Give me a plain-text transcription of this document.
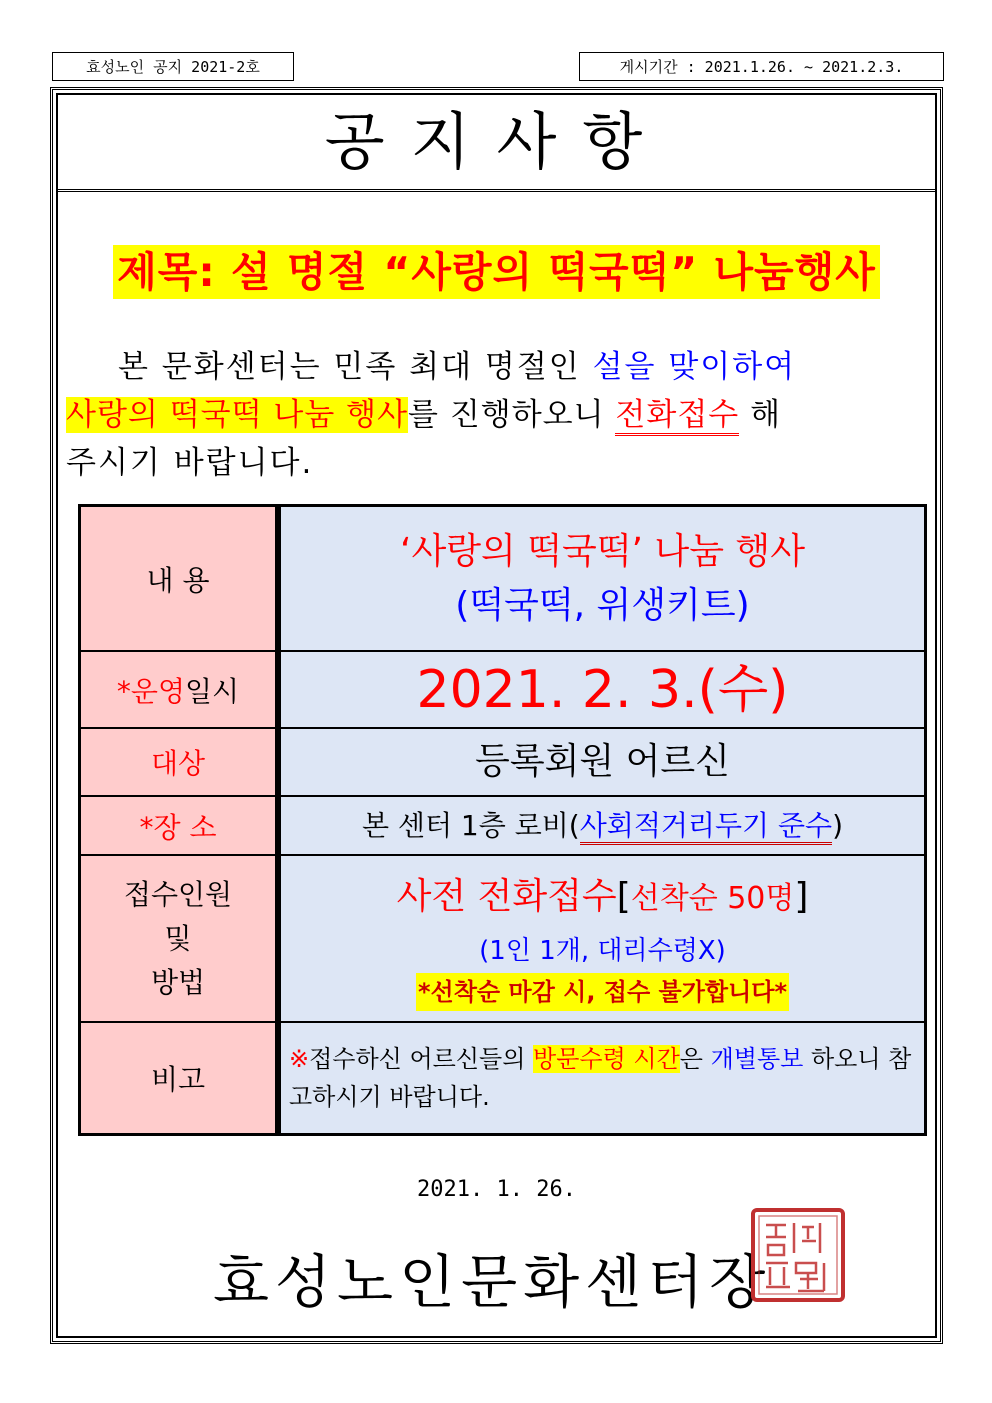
효성노인 공지 2021-2호	게시기간 : 2021.1.26. ~ 2021.2.3.
공지사항
제목: 설 명절 “사랑의 떡국떡” 나눔행사
본 문화센터는 민족 최대 명절인 설을 맞이하여
사랑의 떡국떡 나눔 행사를 진행하오니 전화접수 해
주시기 바랍니다.
내 용	‘사랑의 떡국떡’ 나눔 행사
(떡국떡, 위생키트)

*운영일시	2021. 2. 3.(수)
대상	등록회원 어르신
*장 소	본 센터 1층 로비(사회적거리두기 준수)
접수인원
및
방법	사전 전화접수[선착순 50명]
(1인 1개, 대리수령X)
*선착순 마감 시, 접수 불가합니다*
비고	※접수하신 어르신들의 방문수령 시간은 개별통보 하오니 참고하시기 바랍니다.
2021. 1. 26.
효성노인문화센터장
